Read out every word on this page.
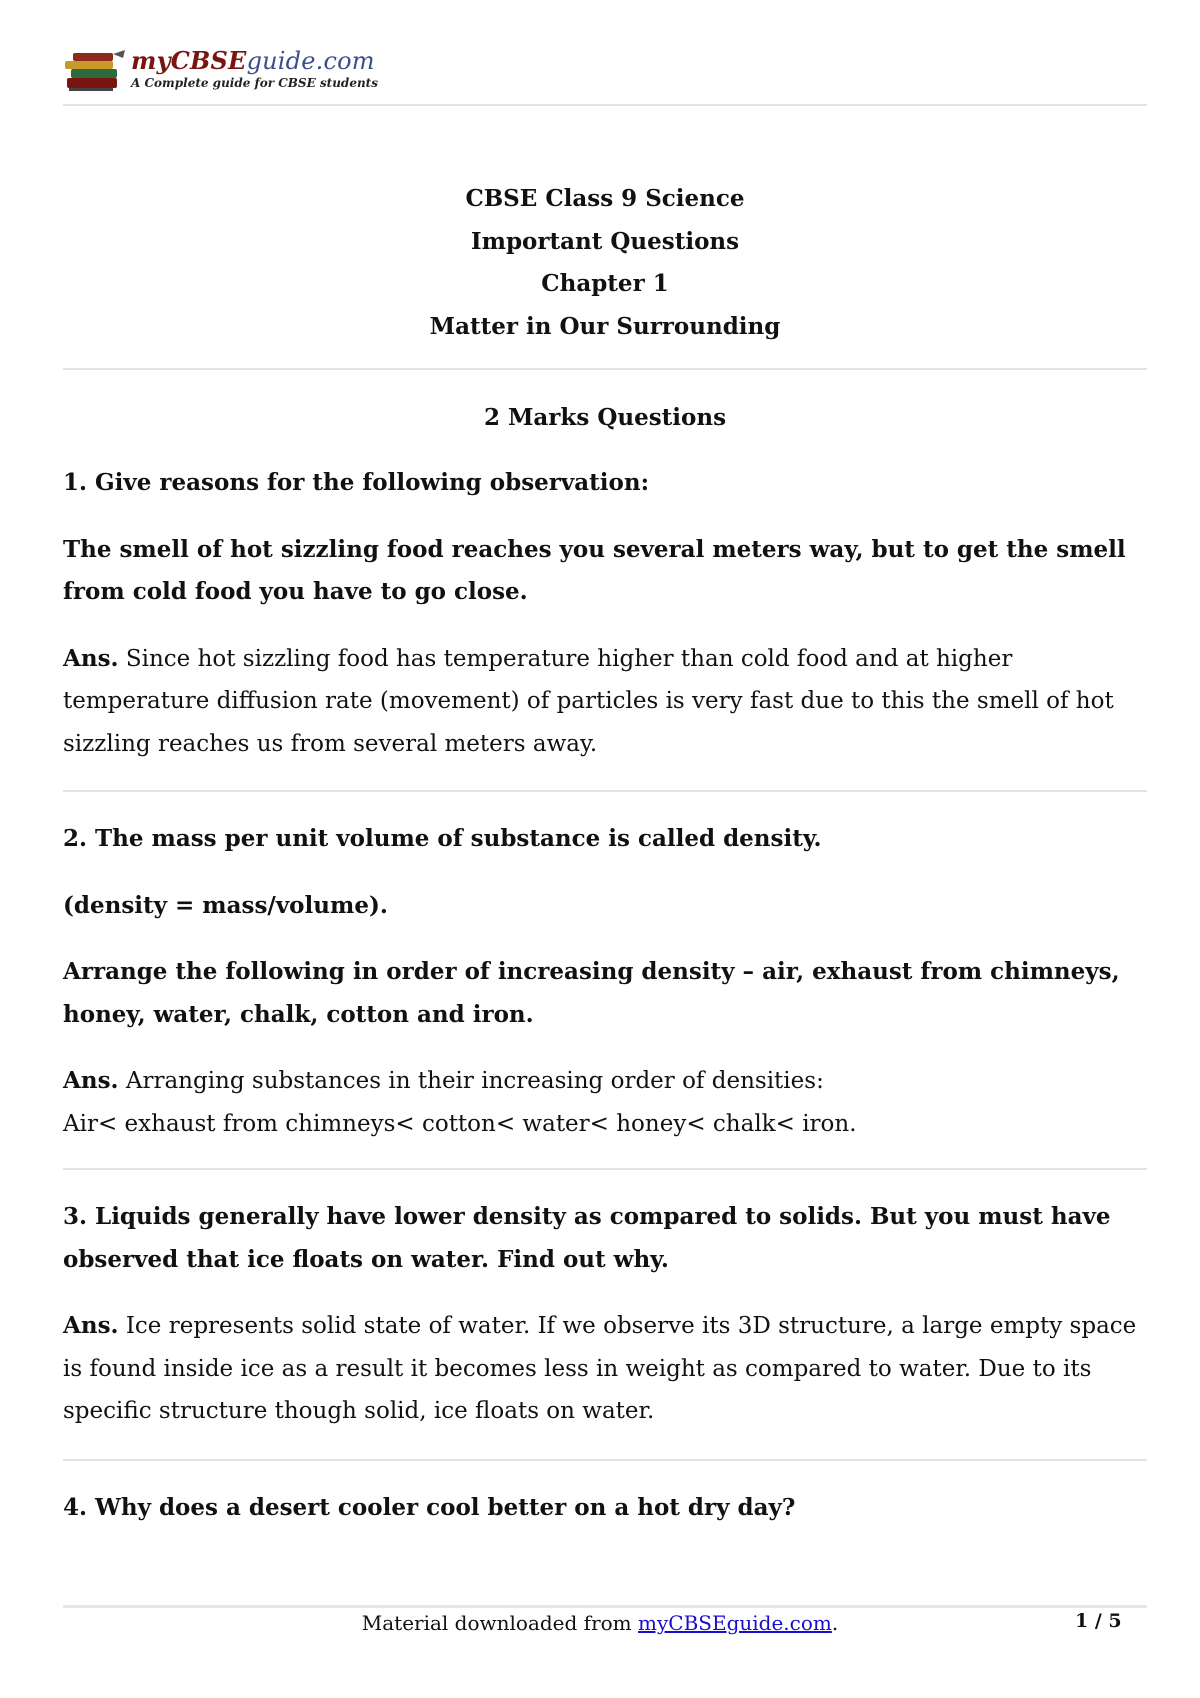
myCBSEguide.com
A Complete guide for CBSE students
CBSE Class 9 Science
Important Questions
Chapter 1
Matter in Our Surrounding
2 Marks Questions

1. Give reasons for the following observation:

The smell of hot sizzling food reaches you several meters way, but to get the smell from cold food you have to go close.

Ans. Since hot sizzling food has temperature higher than cold food and at higher temperature diffusion rate (movement) of particles is very fast due to this the smell of hot sizzling reaches us from several meters away.

2. The mass per unit volume of substance is called density.

(density = mass/volume).

Arrange the following in order of increasing density – air, exhaust from chimneys, honey, water, chalk, cotton and iron.

Ans. Arranging substances in their increasing order of densities:
Air< exhaust from chimneys< cotton< water< honey< chalk< iron.

3. Liquids generally have lower density as compared to solids. But you must have observed that ice floats on water. Find out why.

Ans. Ice represents solid state of water. If we observe its 3D structure, a large empty space is found inside ice as a result it becomes less in weight as compared to water. Due to its specific structure though solid, ice floats on water.

4. Why does a desert cooler cool better on a hot dry day?

Material downloaded from myCBSEguide.com.	1 / 5
